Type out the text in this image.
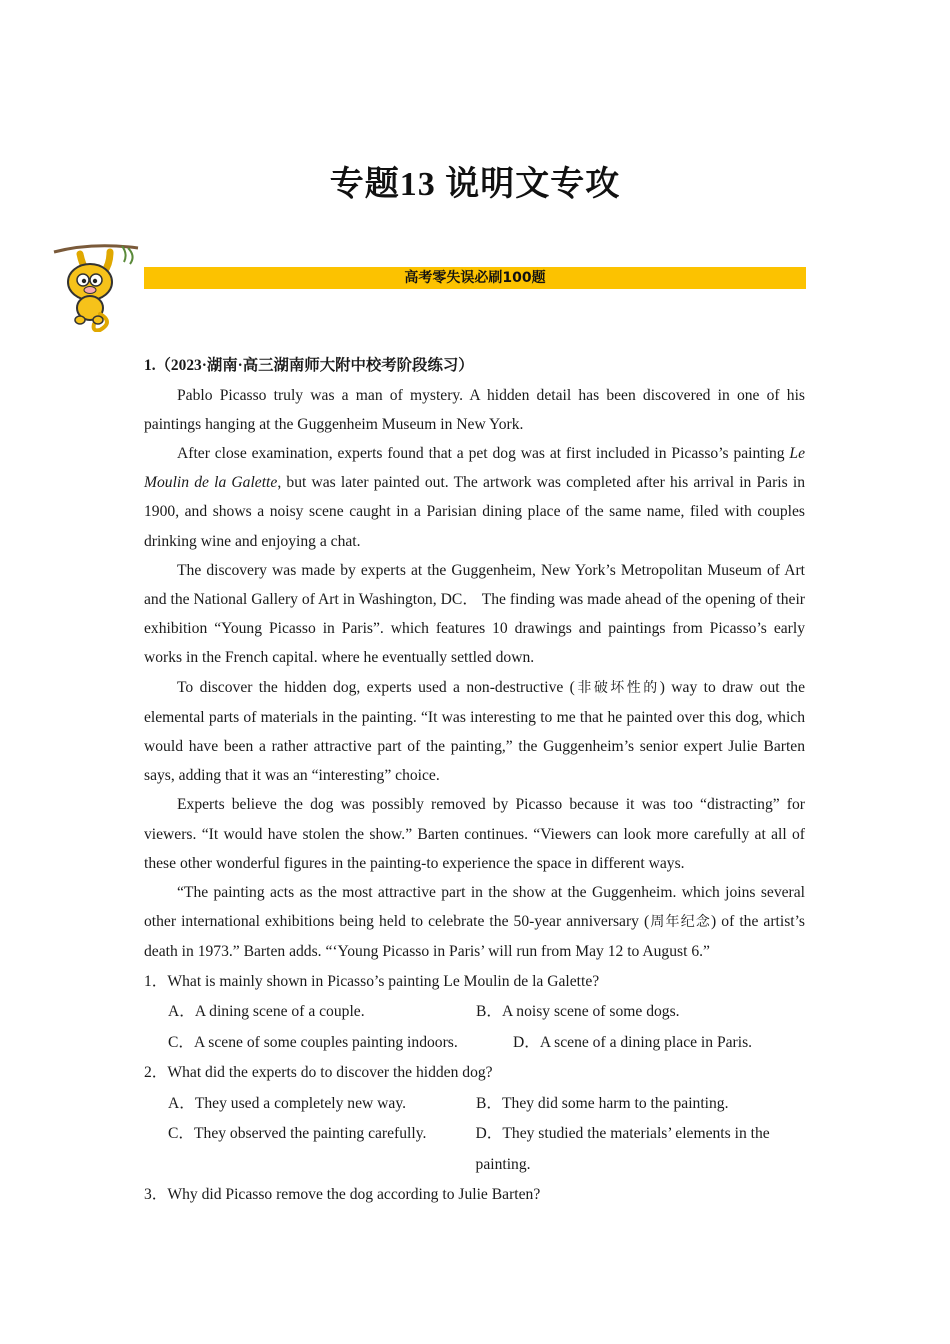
专题13 说明文专攻
高考零失误必刷100题

1.（2023·湖南·高三湖南师大附中校考阶段练习）

Pablo Picasso truly was a man of mystery. A hidden detail has been discovered in one of his paintings hanging at the Guggenheim Museum in New York.

After close examination, experts found that a pet dog was at first included in Picasso’s painting Le Moulin de la Galette, but was later painted out. The artwork was completed after his arrival in Paris in 1900, and shows a noisy scene caught in a Parisian dining place of the same name, filed with couples drinking wine and enjoying a chat.

The discovery was made by experts at the Guggenheim, New York’s Metropolitan Museum of Art and the National Gallery of Art in Washington, DC． The finding was made ahead of the opening of their exhibition “Young Picasso in Paris”. which features 10 drawings and paintings from Picasso’s early works in the French capital. where he eventually settled down.

To discover the hidden dog, experts used a non-destructive (非破坏性的) way to draw out the elemental parts of materials in the painting. “It was interesting to me that he painted over this dog, which would have been a rather attractive part of the painting,” the Guggenheim’s senior expert Julie Barten says, adding that it was an “interesting” choice.

Experts believe the dog was possibly removed by Picasso because it was too “distracting” for viewers. “It would have stolen the show.” Barten continues. “Viewers can look more carefully at all of these other wonderful figures in the painting-to experience the space in different ways.

“The painting acts as the most attractive part in the show at the Guggenheim. which joins several other international exhibitions being held to celebrate the 50-year anniversary (周年纪念) of the artist’s death in 1973.” Barten adds. “‘Young Picasso in Paris’ will run from May 12 to August 6.”

1．What is mainly shown in Picasso’s painting Le Moulin de la Galette?

A．A dining scene of a couple.	B．A noisy scene of some dogs.
C．A scene of some couples painting indoors.	D．A scene of a dining place in Paris.

2．What did the experts do to discover the hidden dog?

A．They used a completely new way.	B．They did some harm to the painting.
C．They observed the painting carefully.	D．They studied the materials’ elements in the painting.

3．Why did Picasso remove the dog according to Julie Barten?
